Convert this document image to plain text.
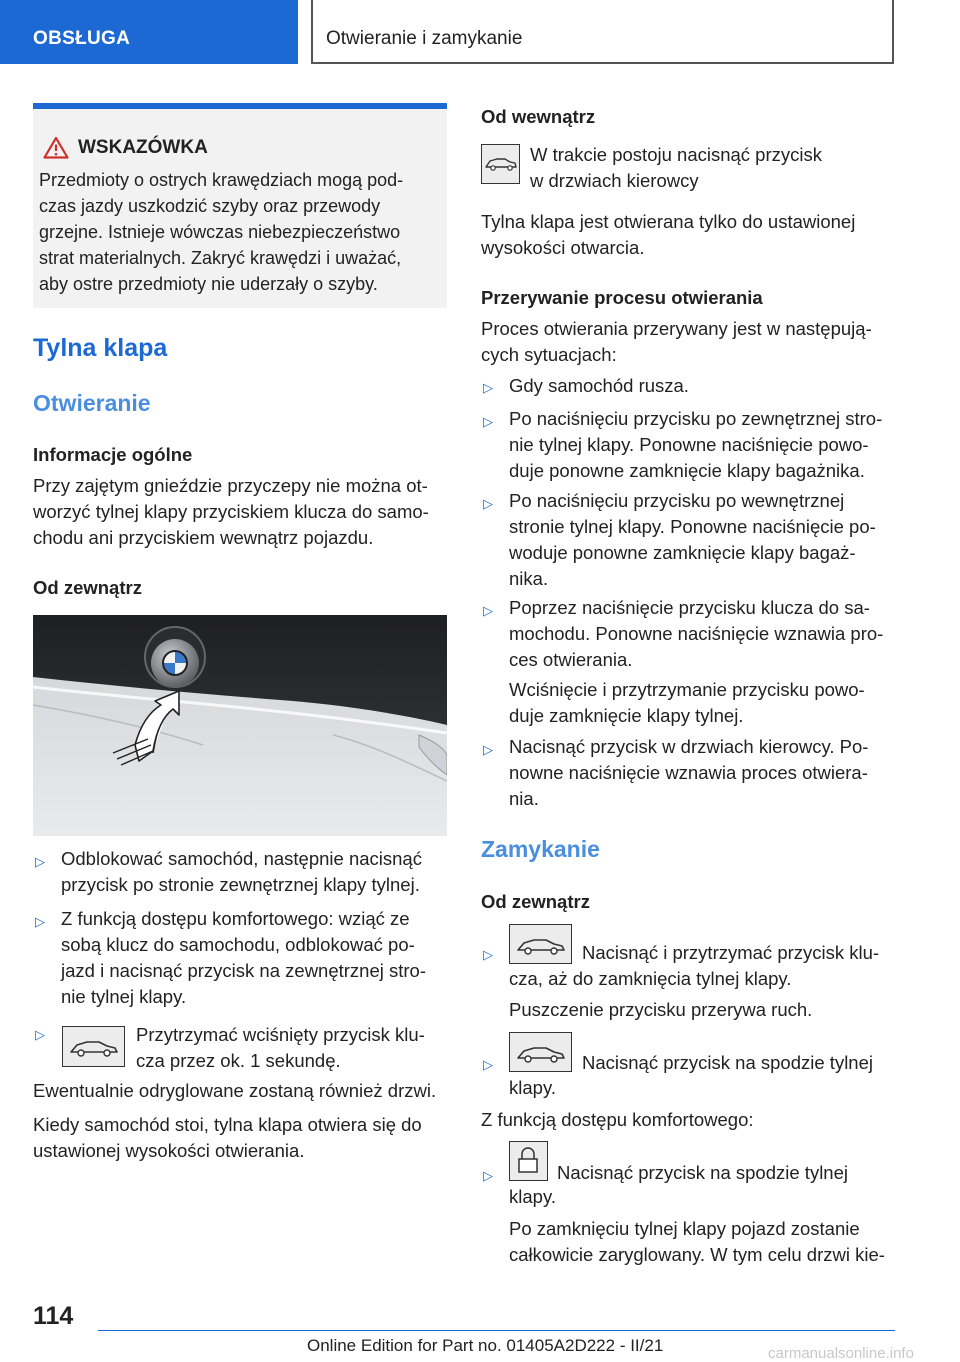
OBSŁUGA	Otwieranie i zamykanie
WSKAZÓWKA
Przedmioty o ostrych krawędziach mogą pod-
czas jazdy uszkodzić szyby oraz przewody
grzejne. Istnieje wówczas niebezpieczeństwo
strat materialnych. Zakryć krawędzi i uważać,
aby ostre przedmioty nie uderzały o szyby.
Tylna klapa
Otwieranie
Informacje ogólne
Przy zajętym gnieździe przyczepy nie można ot-
worzyć tylnej klapy przyciskiem klucza do samo-
chodu ani przyciskiem wewnątrz pojazdu.
Od zewnątrz
▷ Odblokować samochód, następnie nacisnąć
przycisk po stronie zewnętrznej klapy tylnej.
▷ Z funkcją dostępu komfortowego: wziąć ze
sobą klucz do samochodu, odblokować po-
jazd i nacisnąć przycisk na zewnętrznej stro-
nie tylnej klapy.
▷	Przytrzymać wciśnięty przycisk klu-
cza przez ok. 1 sekundę.
Ewentualnie odryglowane zostaną również drzwi.
Kiedy samochód stoi, tylna klapa otwiera się do
ustawionej wysokości otwierania.
Od wewnątrz
W trakcie postoju nacisnąć przycisk
w drzwiach kierowcy
Tylna klapa jest otwierana tylko do ustawionej
wysokości otwarcia.
Przerywanie procesu otwierania
Proces otwierania przerywany jest w następują-
cych sytuacjach:
▷ Gdy samochód rusza.
▷ Po naciśnięciu przycisku po zewnętrznej stro-
nie tylnej klapy. Ponowne naciśnięcie powo-
duje ponowne zamknięcie klapy bagażnika.
▷ Po naciśnięciu przycisku po wewnętrznej
stronie tylnej klapy. Ponowne naciśnięcie po-
woduje ponowne zamknięcie klapy bagaż-
nika.
▷ Poprzez naciśnięcie przycisku klucza do sa-
mochodu. Ponowne naciśnięcie wznawia pro-
ces otwierania.
Wciśnięcie i przytrzymanie przycisku powo-
duje zamknięcie klapy tylnej.
▷ Nacisnąć przycisk w drzwiach kierowcy. Po-
nowne naciśnięcie wznawia proces otwiera-
nia.
Zamykanie
Od zewnątrz
▷	Nacisnąć i przytrzymać przycisk klu-
cza, aż do zamknięcia tylnej klapy.
Puszczenie przycisku przerywa ruch.
▷	Nacisnąć przycisk na spodzie tylnej
klapy.
Z funkcją dostępu komfortowego:
▷	Nacisnąć przycisk na spodzie tylnej
klapy.
Po zamknięciu tylnej klapy pojazd zostanie
całkowicie zaryglowany. W tym celu drzwi kie-
114
Online Edition for Part no. 01405A2D222 - II/21	carmanualsonline.info
